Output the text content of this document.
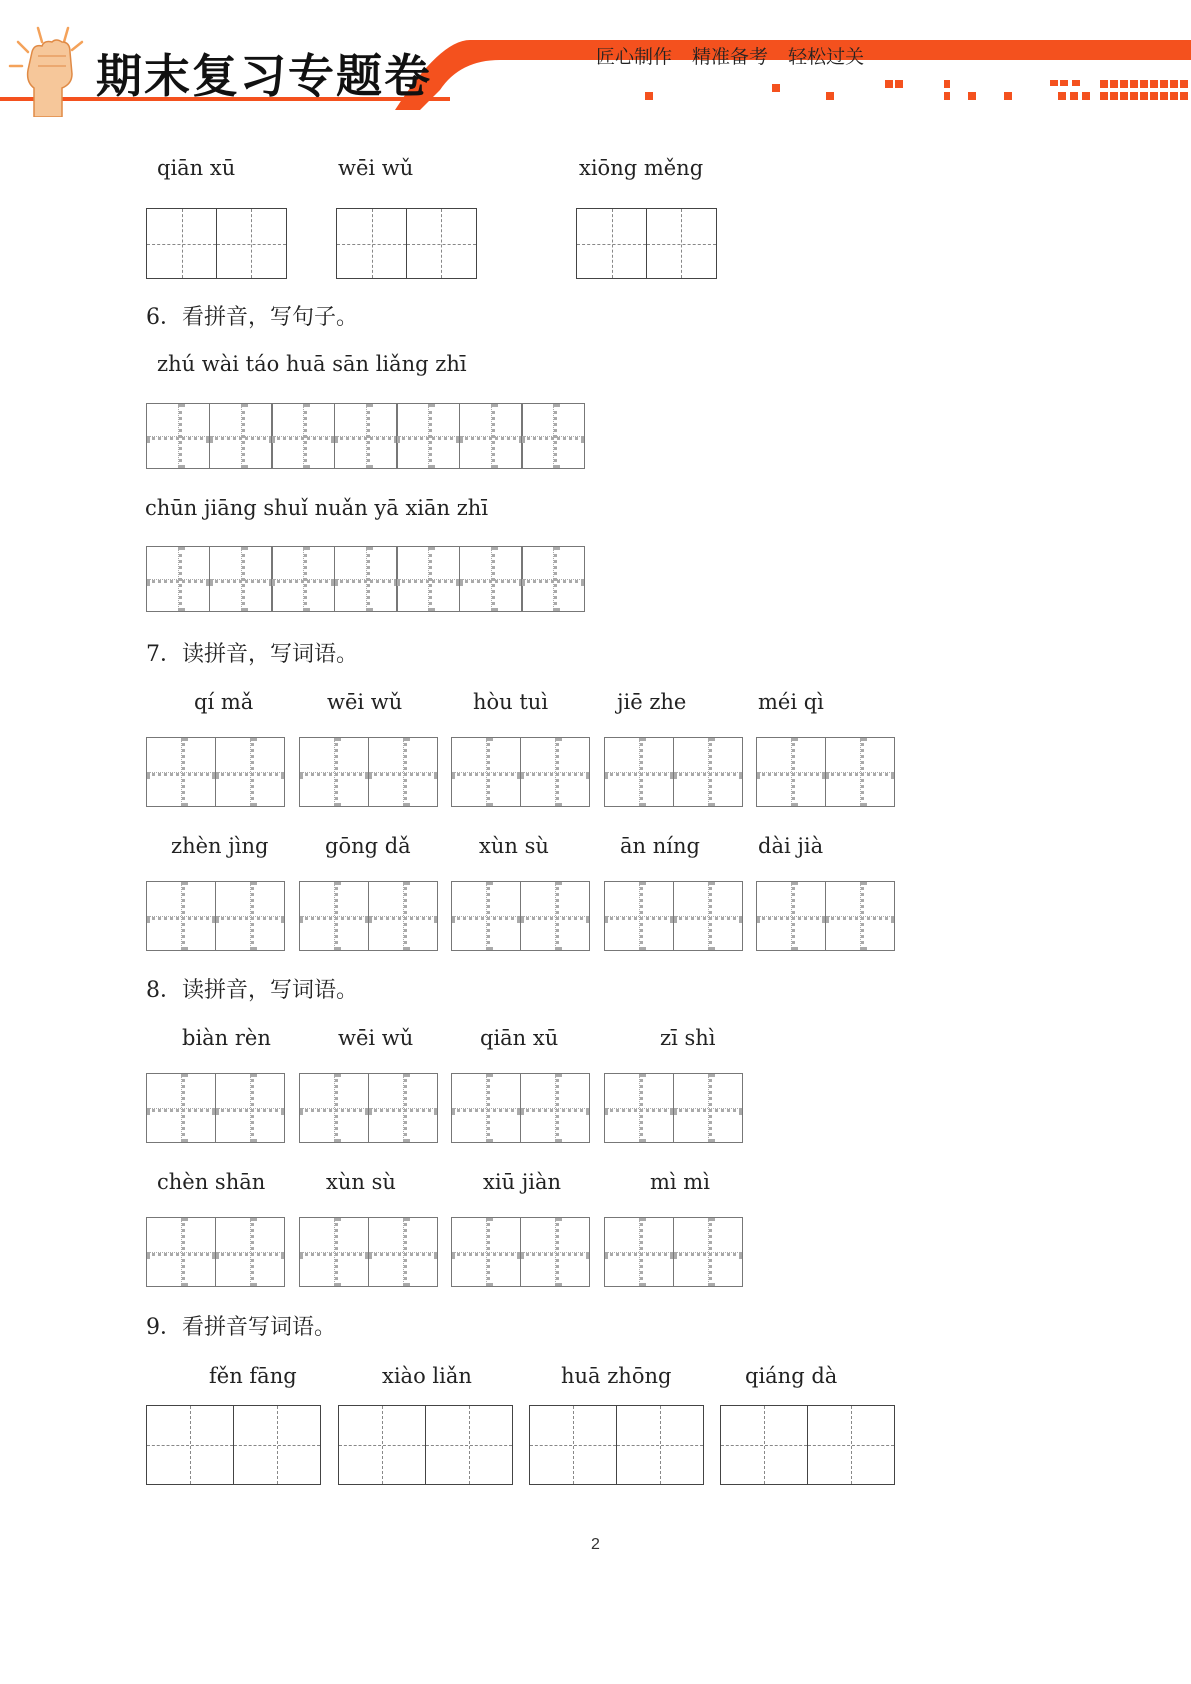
期末复习专题卷	匠心制作 精准备考 轻松过关
qiān xū	wēi wǔ	xiōng měng
6．看拼音，写句子。
zhú wài táo huā sān liǎng zhī
chūn jiāng shuǐ nuǎn yā xiān zhī
7．读拼音，写词语。
qí mǎ	wēi wǔ	hòu tuì	jiē zhe	méi qì
zhèn jìng	gōng dǎ	xùn sù	ān níng	dài jià
8．读拼音，写词语。
biàn rèn	wēi wǔ	qiān xū	zī shì
chèn shān	xùn sù	xiū jiàn	mì mì
9．看拼音写词语。
fěn fāng	xiào liǎn	huā zhōng	qiáng dà
2
